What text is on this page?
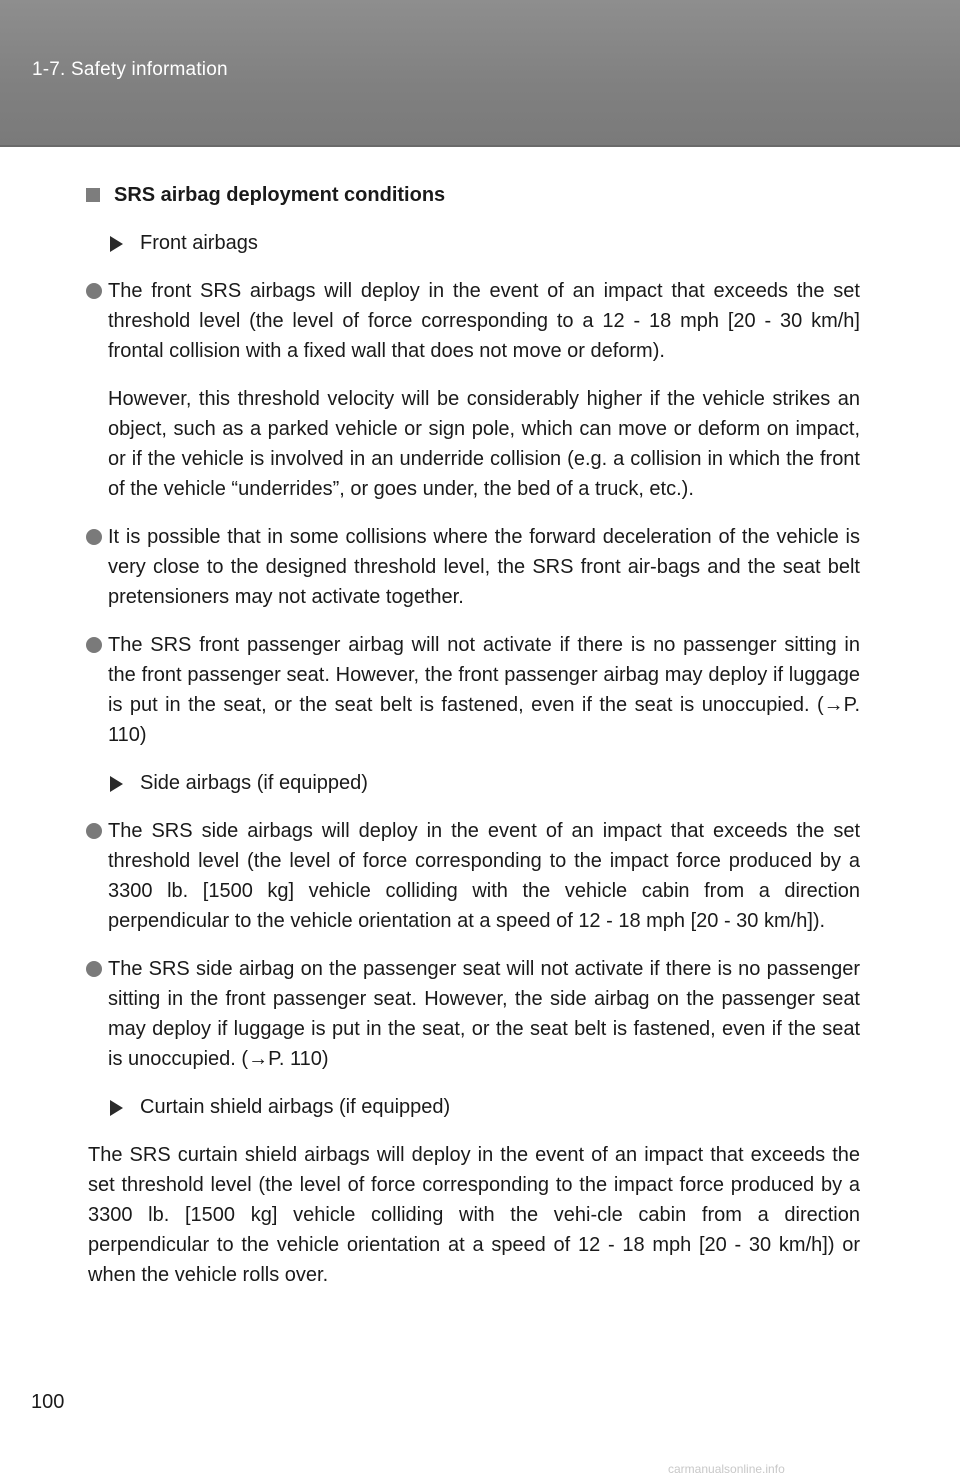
1-7. Safety information
SRS airbag deployment conditions
Front airbags
The front SRS airbags will deploy in the event of an impact that exceeds the set threshold level (the level of force corresponding to a 12 - 18 mph [20 - 30 km/h] frontal collision with a fixed wall that does not move or deform).
However, this threshold velocity will be considerably higher if the vehicle strikes an object, such as a parked vehicle or sign pole, which can move or deform on impact, or if the vehicle is involved in an underride collision (e.g. a collision in which the front of the vehicle “underrides”, or goes under, the bed of a truck, etc.).
It is possible that in some collisions where the forward deceleration of the vehicle is very close to the designed threshold level, the SRS front air-bags and the seat belt pretensioners may not activate together.
The SRS front passenger airbag will not activate if there is no passenger sitting in the front passenger seat. However, the front passenger airbag may deploy if luggage is put in the seat, or the seat belt is fastened, even if the seat is unoccupied. (→P. 110)
Side airbags (if equipped)
The SRS side airbags will deploy in the event of an impact that exceeds the set threshold level (the level of force corresponding to the impact force produced by a 3300 lb. [1500 kg] vehicle colliding with the vehicle cabin from a direction perpendicular to the vehicle orientation at a speed of 12 - 18 mph [20 - 30 km/h]).
The SRS side airbag on the passenger seat will not activate if there is no passenger sitting in the front passenger seat. However, the side airbag on the passenger seat may deploy if luggage is put in the seat, or the seat belt is fastened, even if the seat is unoccupied. (→P. 110)
Curtain shield airbags (if equipped)
The SRS curtain shield airbags will deploy in the event of an impact that exceeds the set threshold level (the level of force corresponding to the impact force produced by a 3300 lb. [1500 kg] vehicle colliding with the vehi-cle cabin from a direction perpendicular to the vehicle orientation at a speed of 12 - 18 mph [20 - 30 km/h]) or when the vehicle rolls over.
100
carmanualsonline.info
